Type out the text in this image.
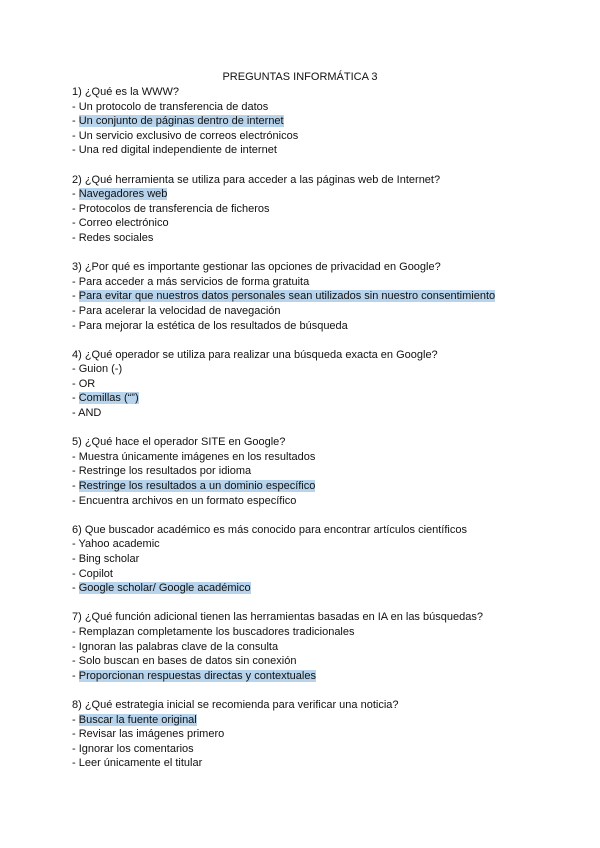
PREGUNTAS INFORMÁTICA 3
1) ¿Qué es la WWW?
- Un protocolo de transferencia de datos
- Un conjunto de páginas dentro de internet
- Un servicio exclusivo de correos electrónicos
- Una red digital independiente de internet
2) ¿Qué herramienta se utiliza para acceder a las páginas web de Internet?
- Navegadores web
- Protocolos de transferencia de ficheros
- Correo electrónico
- Redes sociales
3) ¿Por qué es importante gestionar las opciones de privacidad en Google?
- Para acceder a más servicios de forma gratuita
- Para evitar que nuestros datos personales sean utilizados sin nuestro consentimiento
- Para acelerar la velocidad de navegación
- Para mejorar la estética de los resultados de búsqueda
4) ¿Qué operador se utiliza para realizar una búsqueda exacta en Google?
- Guion (-)
- OR
- Comillas (“”)
- AND
5) ¿Qué hace el operador SITE en Google?
- Muestra únicamente imágenes en los resultados
- Restringe los resultados por idioma
- Restringe los resultados a un dominio específico
- Encuentra archivos en un formato específico
6) Que buscador académico es más conocido para encontrar artículos científicos
- Yahoo academic
- Bing scholar
- Copilot
- Google scholar/ Google académico
7) ¿Qué función adicional tienen las herramientas basadas en IA en las búsquedas?
- Remplazan completamente los buscadores tradicionales
- Ignoran las palabras clave de la consulta
- Solo buscan en bases de datos sin conexión
- Proporcionan respuestas directas y contextuales
8) ¿Qué estrategia inicial se recomienda para verificar una noticia?
- Buscar la fuente original
- Revisar las imágenes primero
- Ignorar los comentarios
- Leer únicamente el titular
